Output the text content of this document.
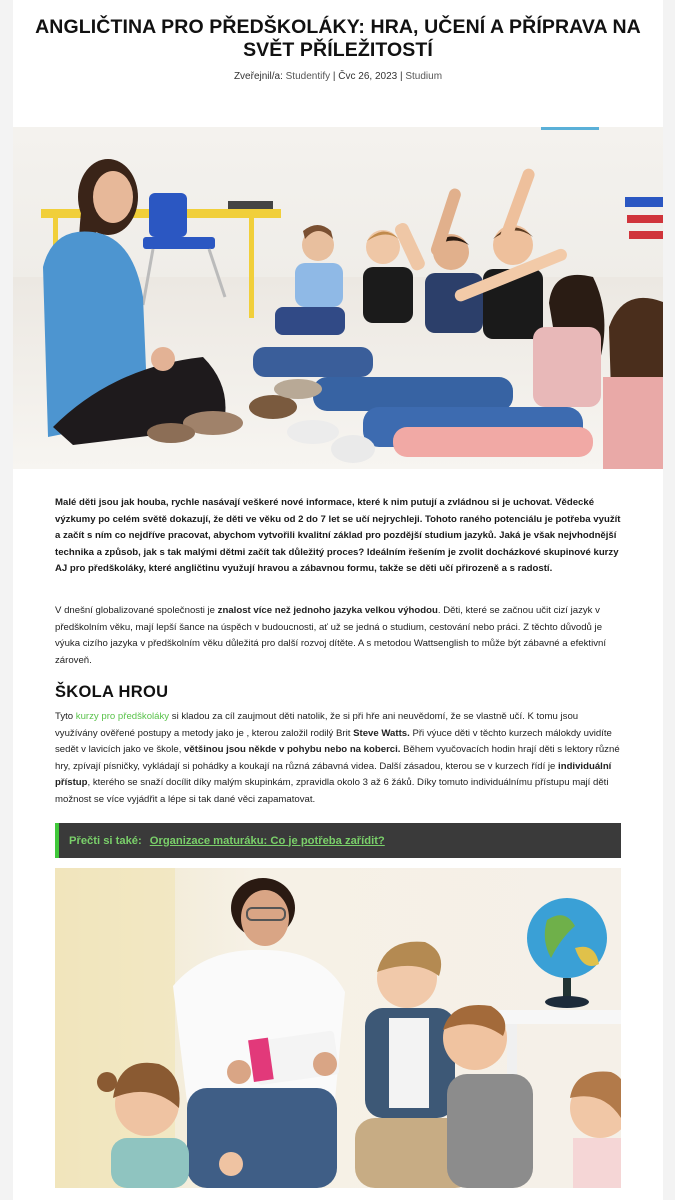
ANGLIČTINA PRO PŘEDŠKOLÁKY: HRA, UČENÍ A PŘÍPRAVA NA SVĚT PŘÍLEŽITOSTÍ
Zveřejnil/a: Studentify | Čvc 26, 2023 | Studium

Malé děti jsou jak houba, rychle nasávají veškeré nové informace, které k nim putují a zvládnou si je uchovat. Vědecké výzkumy po celém světě dokazují, že děti ve věku od 2 do 7 let se učí nejrychleji. Tohoto raného potenciálu je potřeba využít a začít s ním co nejdříve pracovat, abychom vytvořili kvalitní základ pro pozdější studium jazyků. Jaká je však nejvhodnější technika a způsob, jak s tak malými dětmi začít tak důležitý proces? Ideálním řešením je zvolit docházkové skupinové kurzy AJ pro předškoláky, které angličtinu využují hravou a zábavnou formu, takže se děti učí přirozeně a s radostí.

V dnešní globalizované společnosti je znalost více než jednoho jazyka velkou výhodou. Děti, které se začnou učit cizí jazyk v předškolním věku, mají lepší šance na úspěch v budoucnosti, ať už se jedná o studium, cestování nebo práci. Z těchto důvodů je výuka cizího jazyka v předškolním věku důležitá pro další rozvoj dítěte. A s metodou Wattsenglish to může být zábavné a efektivní zároveň.

ŠKOLA HROU

Tyto kurzy pro předškoláky si kladou za cíl zaujmout děti natolik, že si při hře ani neuvědomí, že se vlastně učí. K tomu jsou využívány ověřené postupy a metody jako je , kterou založil rodilý Brit Steve Watts. Při výuce děti v těchto kurzech málokdy uvidíte sedět v lavicích jako ve škole, většinou jsou někde v pohybu nebo na koberci. Během vyučovacích hodin hrají děti s lektory různé hry, zpívají písničky, vykládají si pohádky a koukají na různá zábavná videa. Další zásadou, kterou se v kurzech řídí je individuální přístup, kterého se snaží docílit díky malým skupinkám, zpravidla okolo 3 až 6 žáků. Díky tomuto individuálnímu přístupu mají děti možnost se více vyjádřit a lépe si tak dané věci zapamatovat.

Přečti si také: Organizace maturáku: Co je potřeba zařídit?
